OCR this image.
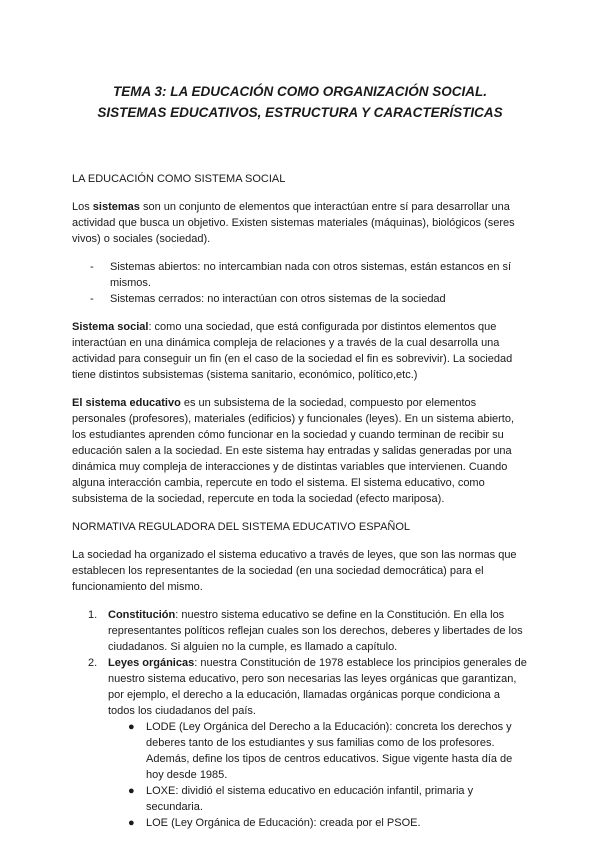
TEMA 3: LA EDUCACIÓN COMO ORGANIZACIÓN SOCIAL.
SISTEMAS EDUCATIVOS, ESTRUCTURA Y CARACTERÍSTICAS
LA EDUCACIÓN COMO SISTEMA SOCIAL

Los sistemas son un conjunto de elementos que interactúan entre sí para desarrollar una actividad que busca un objetivo. Existen sistemas materiales (máquinas), biológicos (seres vivos) o sociales (sociedad).

- Sistemas abiertos: no intercambian nada con otros sistemas, están estancos en sí mismos.
- Sistemas cerrados: no interactúan con otros sistemas de la sociedad

Sistema social: como una sociedad, que está configurada por distintos elementos que interactúan en una dinámica compleja de relaciones y a través de la cual desarrolla una actividad para conseguir un fin (en el caso de la sociedad el fin es sobrevivir). La sociedad tiene distintos subsistemas (sistema sanitario, económico, político,etc.)

El sistema educativo es un subsistema de la sociedad, compuesto por elementos personales (profesores), materiales (edificios) y funcionales (leyes). En un sistema abierto, los estudiantes aprenden cómo funcionar en la sociedad y cuando terminan de recibir su educación salen a la sociedad. En este sistema hay entradas y salidas generadas por una dinámica muy compleja de interacciones y de distintas variables que intervienen. Cuando alguna interacción cambia, repercute en todo el sistema. El sistema educativo, como subsistema de la sociedad, repercute en toda la sociedad (efecto mariposa).

NORMATIVA REGULADORA DEL SISTEMA EDUCATIVO ESPAÑOL

La sociedad ha organizado el sistema educativo a través de leyes, que son las normas que establecen los representantes de la sociedad (en una sociedad democrática) para el funcionamiento del mismo.

1. Constitución: nuestro sistema educativo se define en la Constitución. En ella los representantes políticos reflejan cuales son los derechos, deberes y libertades de los ciudadanos. Si alguien no la cumple, es llamado a capítulo.
2. Leyes orgánicas: nuestra Constitución de 1978 establece los principios generales de nuestro sistema educativo, pero son necesarias las leyes orgánicas que garantizan, por ejemplo, el derecho a la educación, llamadas orgánicas porque condiciona a todos los ciudadanos del país.
● LODE (Ley Orgánica del Derecho a la Educación): concreta los derechos y deberes tanto de los estudiantes y sus familias como de los profesores. Además, define los tipos de centros educativos. Sigue vigente hasta día de hoy desde 1985.
● LOXE: dividió el sistema educativo en educación infantil, primaria y secundaria.
● LOE (Ley Orgánica de Educación): creada por el PSOE.
